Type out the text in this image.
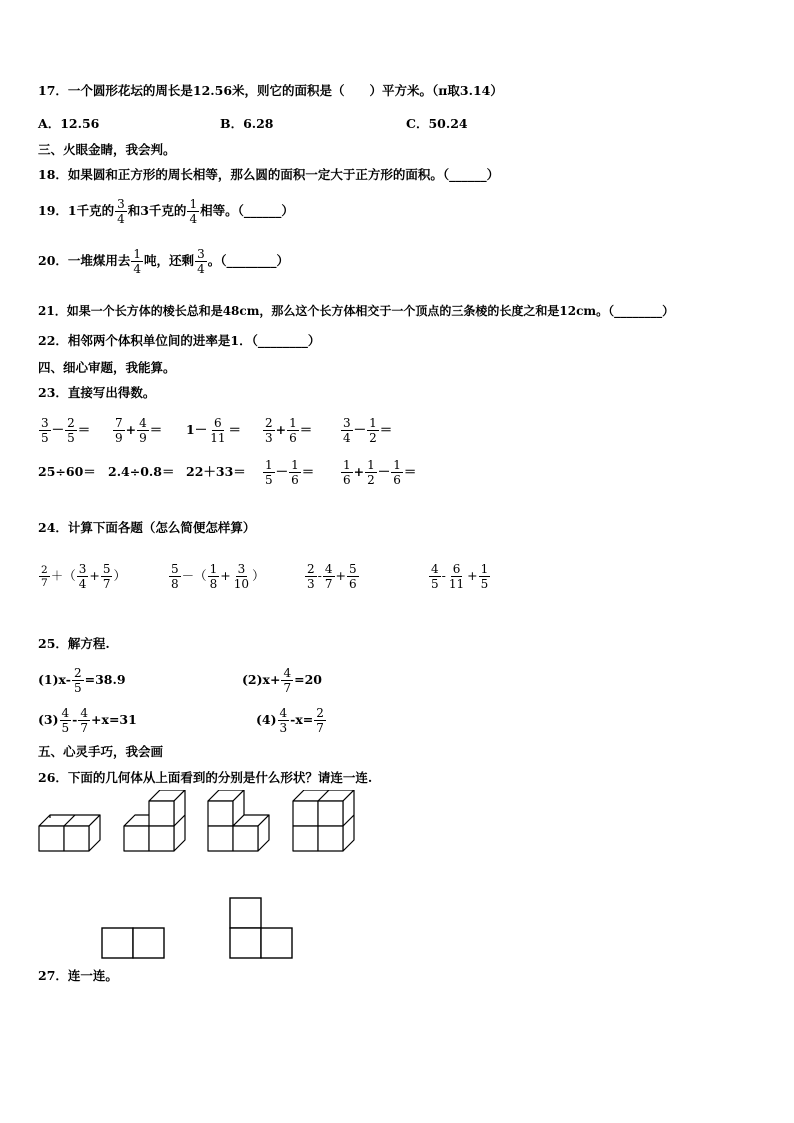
17．一个圆形花坛的周长是12.56米，则它的面积是（　　）平方米。（π取3.14）
A．12.56	B．6.28	C．50.24
三、火眼金睛，我会判。
18．如果圆和正方形的周长相等，那么圆的面积一定大于正方形的面积。（______）
19．1千克的 $\frac{3}{4}$ 和3千克的 $\frac{1}{4}$ 相等。（______）
20．一堆煤用去 $\frac{1}{4}$ 吨，还剩 $\frac{3}{4}$ 。（________）
21．如果一个长方体的棱长总和是48cm，那么这个长方体相交于一个顶点的三条棱的长度之和是12cm。（________）
22．相邻两个体积单位间的进率是1．（________）
四、细心审题，我能算。
23．直接写出得数。
$\frac{3}{5} - \frac{2}{5} = \frac{7}{9} + \frac{4}{9} = 1- \frac{6}{11} = \frac{2}{3} + \frac{1}{6} = \frac{3}{4} - \frac{1}{2}$ ＝
$25\div 60= 2.4\div 0.8= 22+33= \frac{1}{5} - \frac{1}{6} = \frac{1}{6} + \frac{1}{2} - \frac{1}{6}$ ＝
24．计算下面各题（怎么简便怎样算）
$\frac{2}{7}$ ＋（ $\frac{3}{4} + \frac{5}{7}$ ）	$\frac{5}{8}$ －（ $\frac{1}{8} + \frac{3}{10}$ ）	$\frac{2}{3} - \frac{4}{7} + \frac{5}{6}$	$\frac{4}{5} - \frac{6}{11} + \frac{1}{5}$
25．解方程.
$(1)x- \frac{2}{5} =38.9$	$(2)x+ \frac{4}{7} =20$
$(3) \frac{4}{5} - \frac{4}{7} +x=31$	$(4) \frac{4}{3} -x= \frac{2}{7}$
五、心灵手巧，我会画
26．下面的几何体从上面看到的分别是什么形状？请连一连.
27．连一连。
